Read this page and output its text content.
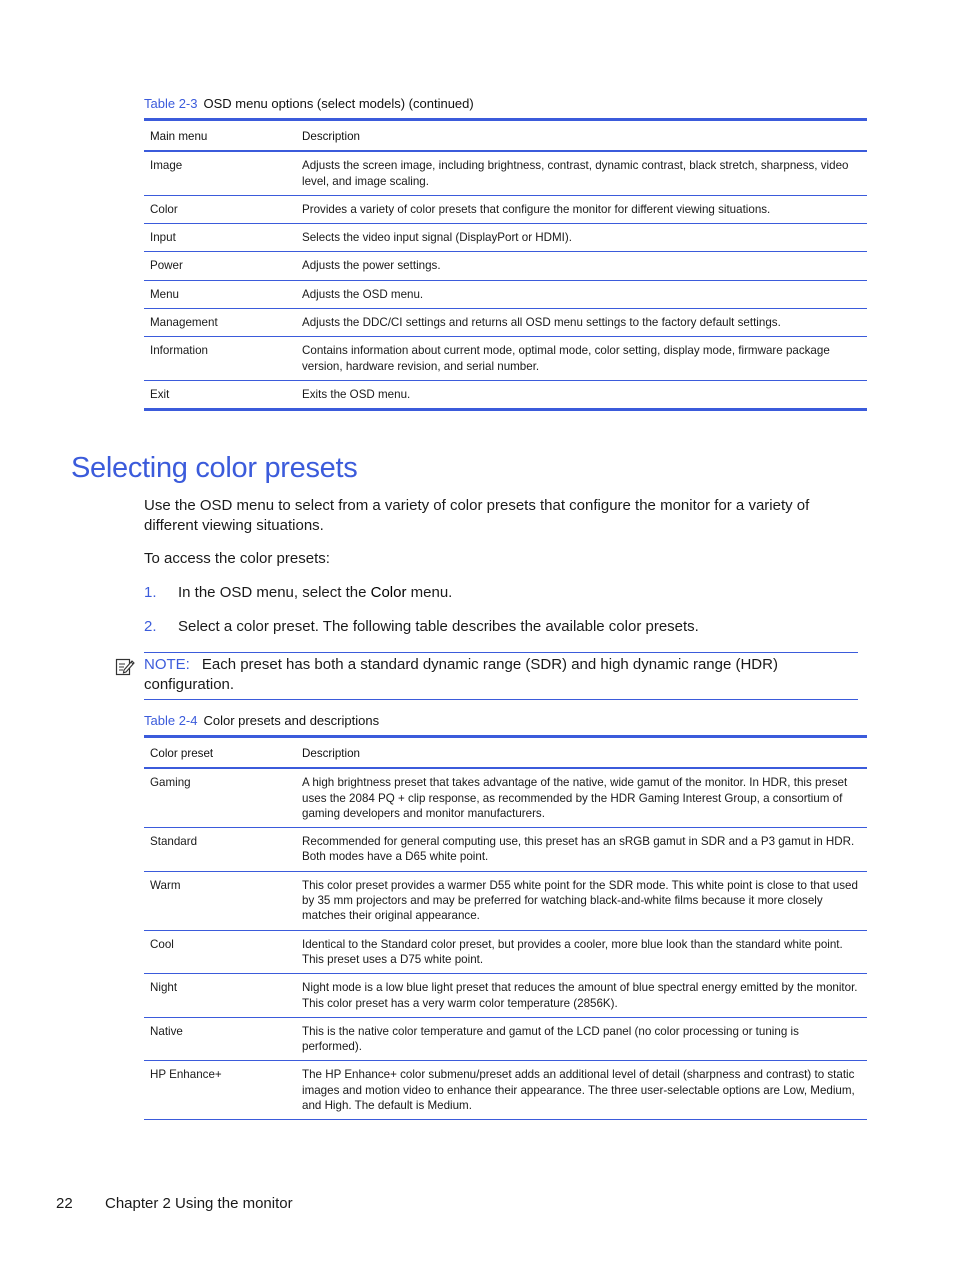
Table 2-3 OSD menu options (select models) (continued)
Main menu	Description
Image	Adjusts the screen image, including brightness, contrast, dynamic contrast, black stretch, sharpness, video level, and image scaling.
Color	Provides a variety of color presets that configure the monitor for different viewing situations.
Input	Selects the video input signal (DisplayPort or HDMI).
Power	Adjusts the power settings.
Menu	Adjusts the OSD menu.
Management	Adjusts the DDC/CI settings and returns all OSD menu settings to the factory default settings.
Information	Contains information about current mode, optimal mode, color setting, display mode, firmware package version, hardware revision, and serial number.
Exit	Exits the OSD menu.
Selecting color presets

Use the OSD menu to select from a variety of color presets that configure the monitor for a variety of different viewing situations.

To access the color presets:

1. In the OSD menu, select the Color menu.
2. Select a color preset. The following table describes the available color presets.
NOTE: Each preset has both a standard dynamic range (SDR) and high dynamic range (HDR) configuration.
Table 2-4 Color presets and descriptions
Color preset	Description
Gaming	A high brightness preset that takes advantage of the native, wide gamut of the monitor. In HDR, this preset uses the 2084 PQ + clip response, as recommended by the HDR Gaming Interest Group, a consortium of gaming developers and monitor manufacturers.
Standard	Recommended for general computing use, this preset has an sRGB gamut in SDR and a P3 gamut in HDR. Both modes have a D65 white point.
Warm	This color preset provides a warmer D55 white point for the SDR mode. This white point is close to that used by 35 mm projectors and may be preferred for watching black-and-white films because it more closely matches their original appearance.
Cool	Identical to the Standard color preset, but provides a cooler, more blue look than the standard white point. This preset uses a D75 white point.
Night	Night mode is a low blue light preset that reduces the amount of blue spectral energy emitted by the monitor. This color preset has a very warm color temperature (2856K).
Native	This is the native color temperature and gamut of the LCD panel (no color processing or tuning is performed).
HP Enhance+	The HP Enhance+ color submenu/preset adds an additional level of detail (sharpness and contrast) to static images and motion video to enhance their appearance. The three user-selectable options are Low, Medium, and High. The default is Medium.
22 Chapter 2 Using the monitor
